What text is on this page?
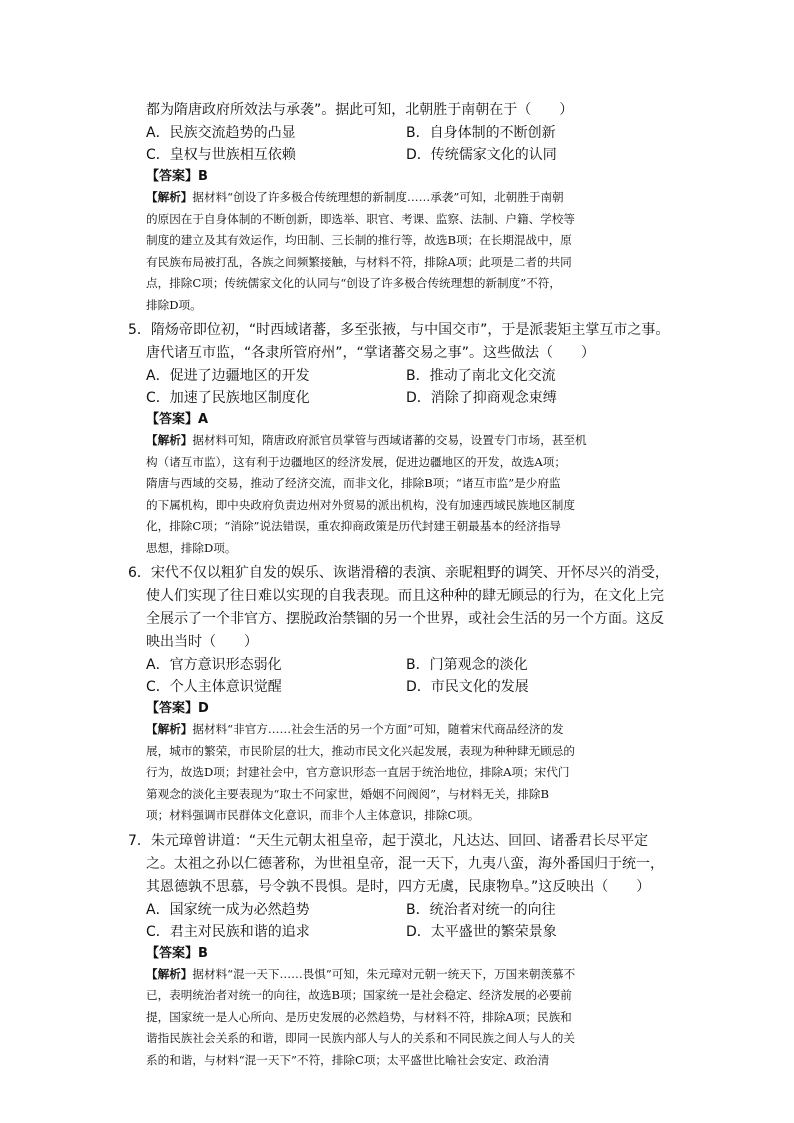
都为隋唐政府所效法与承袭”。据此可知，北朝胜于南朝在于（　　）
A．民族交流趋势的凸显	B．自身体制的不断创新
C．皇权与世族相互依赖	D．传统儒家文化的认同
【答案】B
【解析】据材料“创设了许多极合传统理想的新制度……承袭”可知，北朝胜于南朝
的原因在于自身体制的不断创新，即选举、职官、考课、监察、法制、户籍、学校等
制度的建立及其有效运作，均田制、三长制的推行等，故选B项；在长期混战中，原
有民族布局被打乱，各族之间频繁接触，与材料不符，排除A项；此项是二者的共同
点，排除C项；传统儒家文化的认同与“创设了许多极合传统理想的新制度”不符，
排除D项。
5．隋炀帝即位初，“时西域诸蕃，多至张掖，与中国交市”，于是派裴矩主掌互市之事。
唐代诸互市监，“各隶所管府州”，“掌诸蕃交易之事”。这些做法（　　）
A．促进了边疆地区的开发	B．推动了南北文化交流
C．加速了民族地区制度化	D．消除了抑商观念束缚
【答案】A
【解析】据材料可知，隋唐政府派官员掌管与西域诸蕃的交易，设置专门市场，甚至机
构（诸互市监），这有利于边疆地区的经济发展，促进边疆地区的开发，故选A项；
隋唐与西域的交易，推动了经济交流，而非文化，排除B项；“诸互市监”是少府监
的下属机构，即中央政府负责边州对外贸易的派出机构，没有加速西域民族地区制度
化，排除C项；“消除”说法错误，重农抑商政策是历代封建王朝最基本的经济指导
思想，排除D项。
6．宋代不仅以粗犷自发的娱乐、诙谐滑稽的表演、亲昵粗野的调笑、开怀尽兴的消受，
使人们实现了往日难以实现的自我表现。而且这种种的肆无顾忌的行为，在文化上完
全展示了一个非官方、摆脱政治禁锢的另一个世界，或社会生活的另一个方面。这反
映出当时（　　）
A．官方意识形态弱化	B．门第观念的淡化
C．个人主体意识觉醒	D．市民文化的发展
【答案】D
【解析】据材料“非官方……社会生活的另一个方面”可知，随着宋代商品经济的发
展，城市的繁荣，市民阶层的壮大，推动市民文化兴起发展，表现为种种肆无顾忌的
行为，故选D项；封建社会中，官方意识形态一直居于统治地位，排除A项；宋代门
第观念的淡化主要表现为“取士不问家世，婚姻不问阀阅”，与材料无关，排除B
项；材料强调市民群体文化意识，而非个人主体意识，排除C项。
7．朱元璋曾讲道：“天生元朝太祖皇帝，起于漠北，凡达达、回回、诸番君长尽平定
之。太祖之孙以仁德著称，为世祖皇帝，混一天下，九夷八蛮，海外番国归于统一，
其恩德孰不思慕，号令孰不畏惧。是时，四方无虞，民康物阜。”这反映出（　　）
A．国家统一成为必然趋势	B．统治者对统一的向往
C．君主对民族和谐的追求	D．太平盛世的繁荣景象
【答案】B
【解析】据材料“混一天下……畏惧”可知，朱元璋对元朝一统天下，万国来朝羡慕不
已，表明统治者对统一的向往，故选B项；国家统一是社会稳定、经济发展的必要前
提，国家统一是人心所向、是历史发展的必然趋势，与材料不符，排除A项；民族和
谐指民族社会关系的和谐，即同一民族内部人与人的关系和不同民族之间人与人的关
系的和谐，与材料“混一天下”不符，排除C项；太平盛世比喻社会安定、政治清
